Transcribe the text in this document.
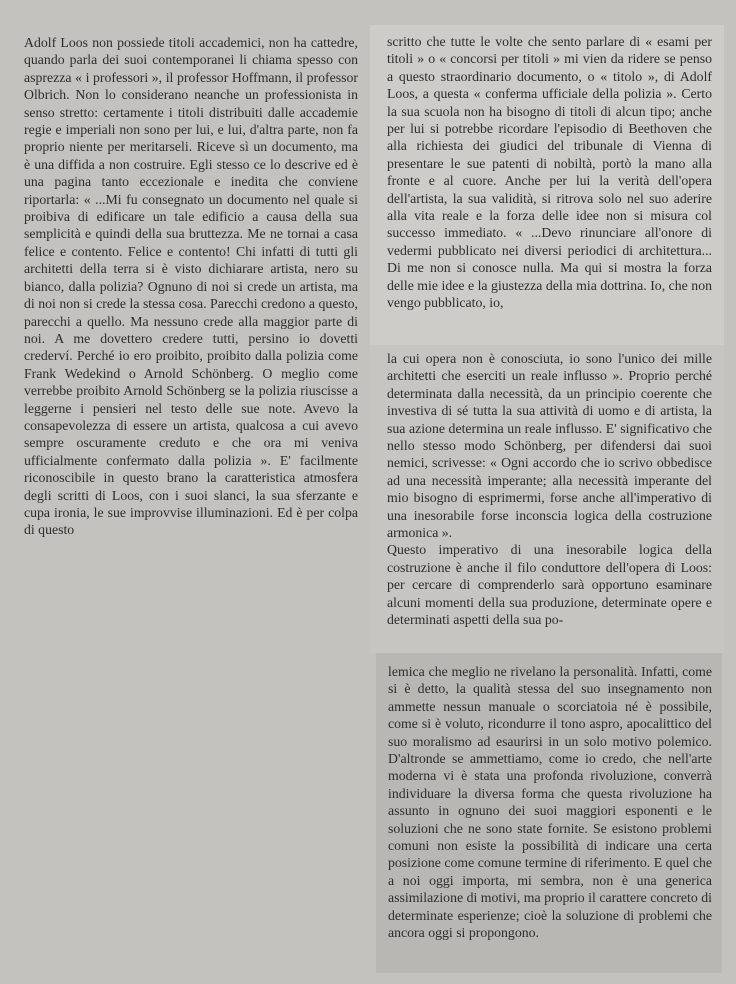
Adolf Loos non possiede titoli accademici, non ha cattedre, quando parla dei suoi contemporanei li chiama spesso con asprezza « i professori », il professor Hoffmann, il professor Olbrich. Non lo considerano neanche un professionista in senso stretto: certamente i titoli distribuiti dalle accademie regie e imperiali non sono per lui, e lui, d'altra parte, non fa proprio niente per meritarseli. Riceve sì un documento, ma è una diffida a non costruire. Egli stesso ce lo descrive ed è una pagina tanto eccezionale e inedita che conviene riportarla: « ...Mi fu consegnato un documento nel quale si proibiva di edificare un tale edificio a causa della sua semplicità e quindi della sua bruttezza. Me ne tornai a casa felice e contento. Felice e contento! Chi infatti di tutti gli architetti della terra si è visto dichiarare artista, nero su bianco, dalla polizia? Ognuno di noi si crede un artista, ma di noi non si crede la stessa cosa. Parecchi credono a questo, parecchi a quello. Ma nessuno crede alla maggior parte di noi. A me dovettero credere tutti, persino io dovetti crederví. Perché io ero proibito, proibito dalla polizia come Frank Wedekind o Arnold Schönberg. O meglio come verrebbe proibito Arnold Schönberg se la polizia riuscisse a leggerne i pensieri nel testo delle sue note. Avevo la consapevolezza di essere un artista, qualcosa a cui avevo sempre oscuramente creduto e che ora mi veniva ufficialmente confermato dalla polizia ». E' facilmente riconoscibile in questo brano la caratteristica atmosfera degli scritti di Loos, con i suoi slanci, la sua sferzante e cupa ironia, le sue improvvise illuminazioni. Ed è per colpa di questo

scritto che tutte le volte che sento parlare di « esami per titoli » o « concorsi per titoli » mi vien da ridere se penso a questo straordinario documento, o « titolo », di Adolf Loos, a questa « conferma ufficiale della polizia ». Certo la sua scuola non ha bisogno di titoli di alcun tipo; anche per lui si potrebbe ricordare l'episodio di Beethoven che alla richiesta dei giudici del tribunale di Vienna di presentare le sue patenti di nobiltà, portò la mano alla fronte e al cuore. Anche per lui la verità dell'opera dell'artista, la sua validità, si ritrova solo nel suo aderire alla vita reale e la forza delle idee non si misura col successo immediato. « ...Devo rinunciare all'onore di vedermi pubblicato nei diversi periodici di architettura... Di me non si conosce nulla. Ma qui si mostra la forza delle mie idee e la giustezza della mia dottrina. Io, che non vengo pubblicato, io,

la cui opera non è conosciuta, io sono l'unico dei mille architetti che eserciti un reale influsso ». Proprio perché determinata dalla necessità, da un principio coerente che investiva di sé tutta la sua attività di uomo e di artista, la sua azione determina un reale influsso. E' significativo che nello stesso modo Schönberg, per difendersi dai suoi nemici, scrivesse: « Ogni accordo che io scrivo obbedisce ad una necessità imperante; alla necessità imperante del mio bisogno di esprimermi, forse anche all'imperativo di una inesorabile forse inconscia logica della costruzione armonica ».

Questo imperativo di una inesorabile logica della costruzione è anche il filo conduttore dell'opera di Loos: per cercare di comprenderlo sarà opportuno esaminare alcuni momenti della sua produzione, determinate opere e determinati aspetti della sua po-

lemica che meglio ne rivelano la personalità. Infatti, come si è detto, la qualità stessa del suo insegnamento non ammette nessun manuale o scorciatoia né è possibile, come si è voluto, ricondurre il tono aspro, apocalittico del suo moralismo ad esaurirsi in un solo motivo polemico. D'altronde se ammettiamo, come io credo, che nell'arte moderna vi è stata una profonda rivoluzione, converrà individuare la diversa forma che questa rivoluzione ha assunto in ognuno dei suoi maggiori esponenti e le soluzioni che ne sono state fornite. Se esistono problemi comuni non esiste la possibilità di indicare una certa posizione come comune termine di riferimento. E quel che a noi oggi importa, mi sembra, non è una generica assimilazione di motivi, ma proprio il carattere concreto di determinate esperienze; cioè la soluzione di problemi che ancora oggi si propongono.
